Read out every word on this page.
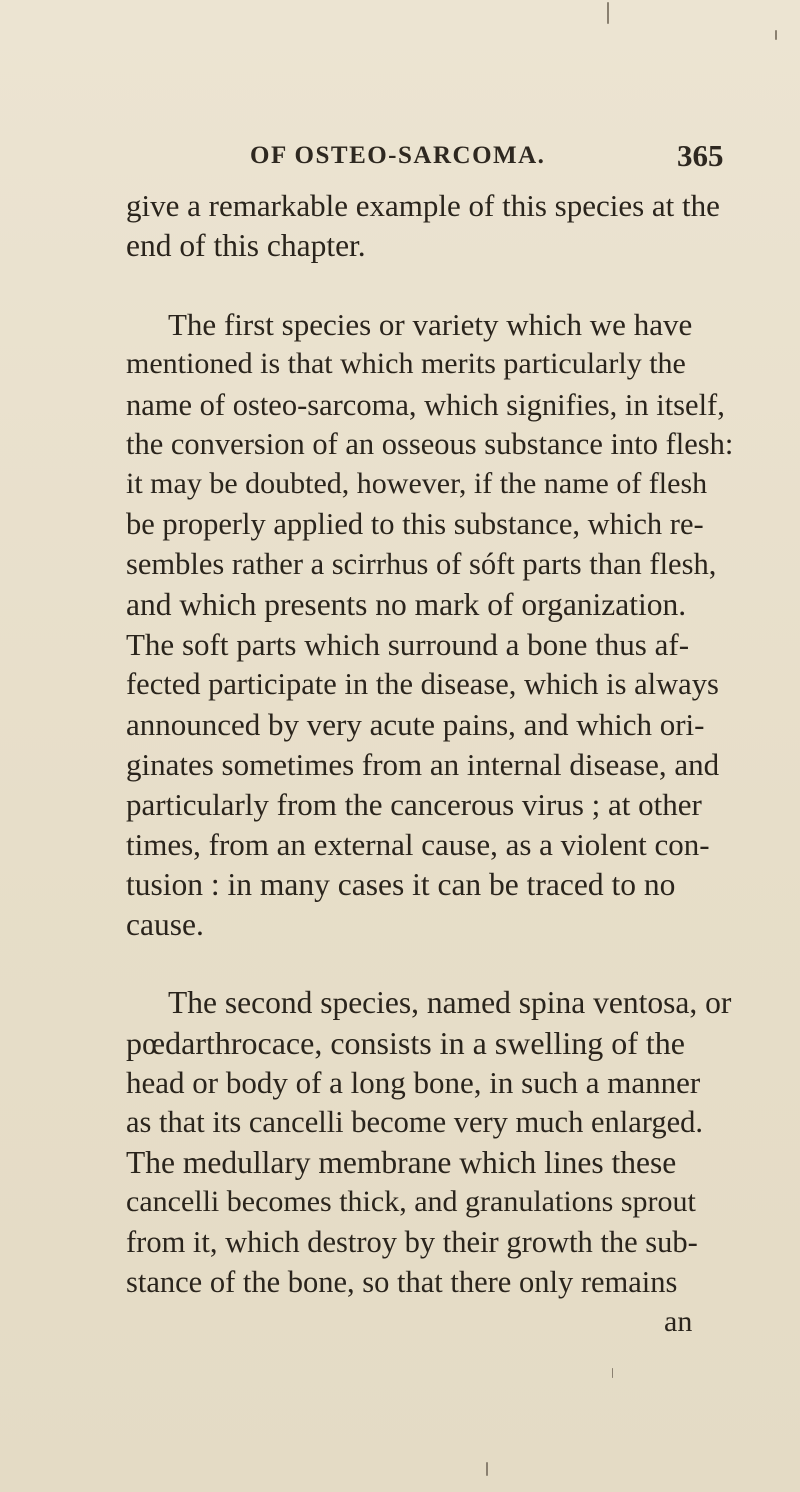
OF OSTEO-SARCOMA.	365
give a remarkable example of this species at the
end of this chapter.
The first species or variety which we have
mentioned is that which merits particularly the
name of osteo-sarcoma, which signifies, in itself,
the conversion of an osseous substance into flesh:
it may be doubted, however, if the name of flesh
be properly applied to this substance, which re-
sembles rather a scirrhus of sóft parts than flesh,
and which presents no mark of organization.
The soft parts which surround a bone thus af-
fected participate in the disease, which is always
announced by very acute pains, and which ori-
ginates sometimes from an internal disease, and
particularly from the cancerous virus ; at other
times, from an external cause, as a violent con-
tusion : in many cases it can be traced to no
cause.
The second species, named spina ventosa, or
pœdarthrocace, consists in a swelling of the
head or body of a long bone, in such a manner
as that its cancelli become very much enlarged.
The medullary membrane which lines these
cancelli becomes thick, and granulations sprout
from it, which destroy by their growth the sub-
stance of the bone, so that there only remains
an
